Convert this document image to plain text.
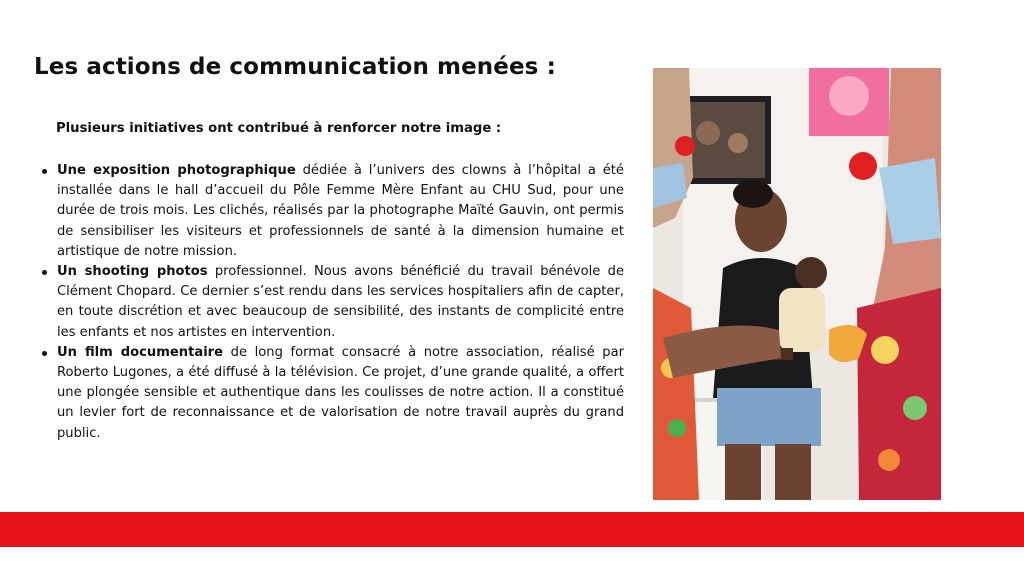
Les actions de communication menées :
Plusieurs initiatives ont contribué à renforcer notre image :
Une exposition photographique dédiée à l’univers des clowns à l’hôpital a été installée dans le hall d’accueil du Pôle Femme Mère Enfant au CHU Sud, pour une durée de trois mois. Les clichés, réalisés par la photographe Maïté Gauvin, ont permis de sensibiliser les visiteurs et professionnels de santé à la dimension humaine et artistique de notre mission.
Un shooting photos professionnel. Nous avons bénéficié du travail bénévole de Clément Chopard. Ce dernier s’est rendu dans les services hospitaliers afin de capter, en toute discrétion et avec beaucoup de sensibilité, des instants de complicité entre les enfants et nos artistes en intervention.
Un film documentaire de long format consacré à notre association, réalisé par Roberto Lugones, a été diffusé à la télévision. Ce projet, d’une grande qualité, a offert une plongée sensible et authentique dans les coulisses de notre action. Il a constitué un levier fort de reconnaissance et de valorisation de notre travail auprès du grand public.
